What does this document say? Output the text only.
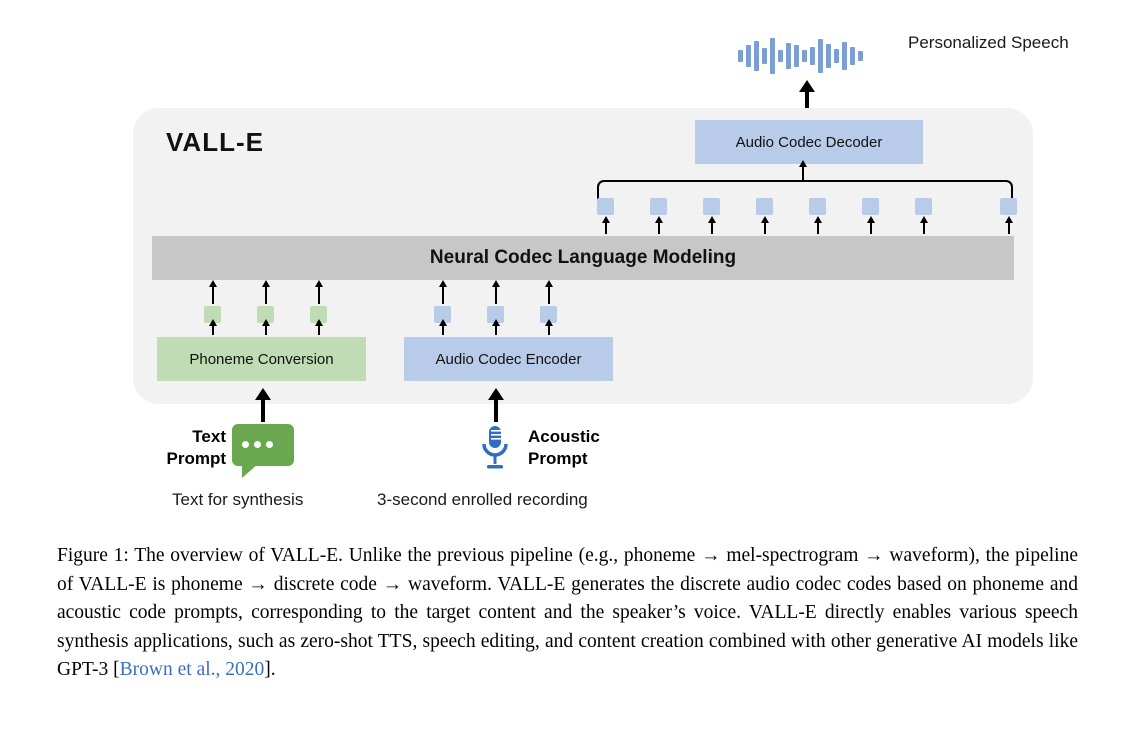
Personalized Speech
VALL-E	Audio Codec Decoder
Neural Codec Language Modeling
Phoneme Conversion	Audio Codec Encoder
Text Prompt
Acoustic Prompt
Text for synthesis	3-second enrolled recording
Figure 1: The overview of VALL-E. Unlike the previous pipeline (e.g., phoneme → mel-spectrogram → waveform), the pipeline of VALL-E is phoneme → discrete code → waveform. VALL-E generates the discrete audio codec codes based on phoneme and acoustic code prompts, corresponding to the target content and the speaker’s voice. VALL-E directly enables various speech synthesis applications, such as zero-shot TTS, speech editing, and content creation combined with other generative AI models like GPT-3 [Brown et al., 2020].
